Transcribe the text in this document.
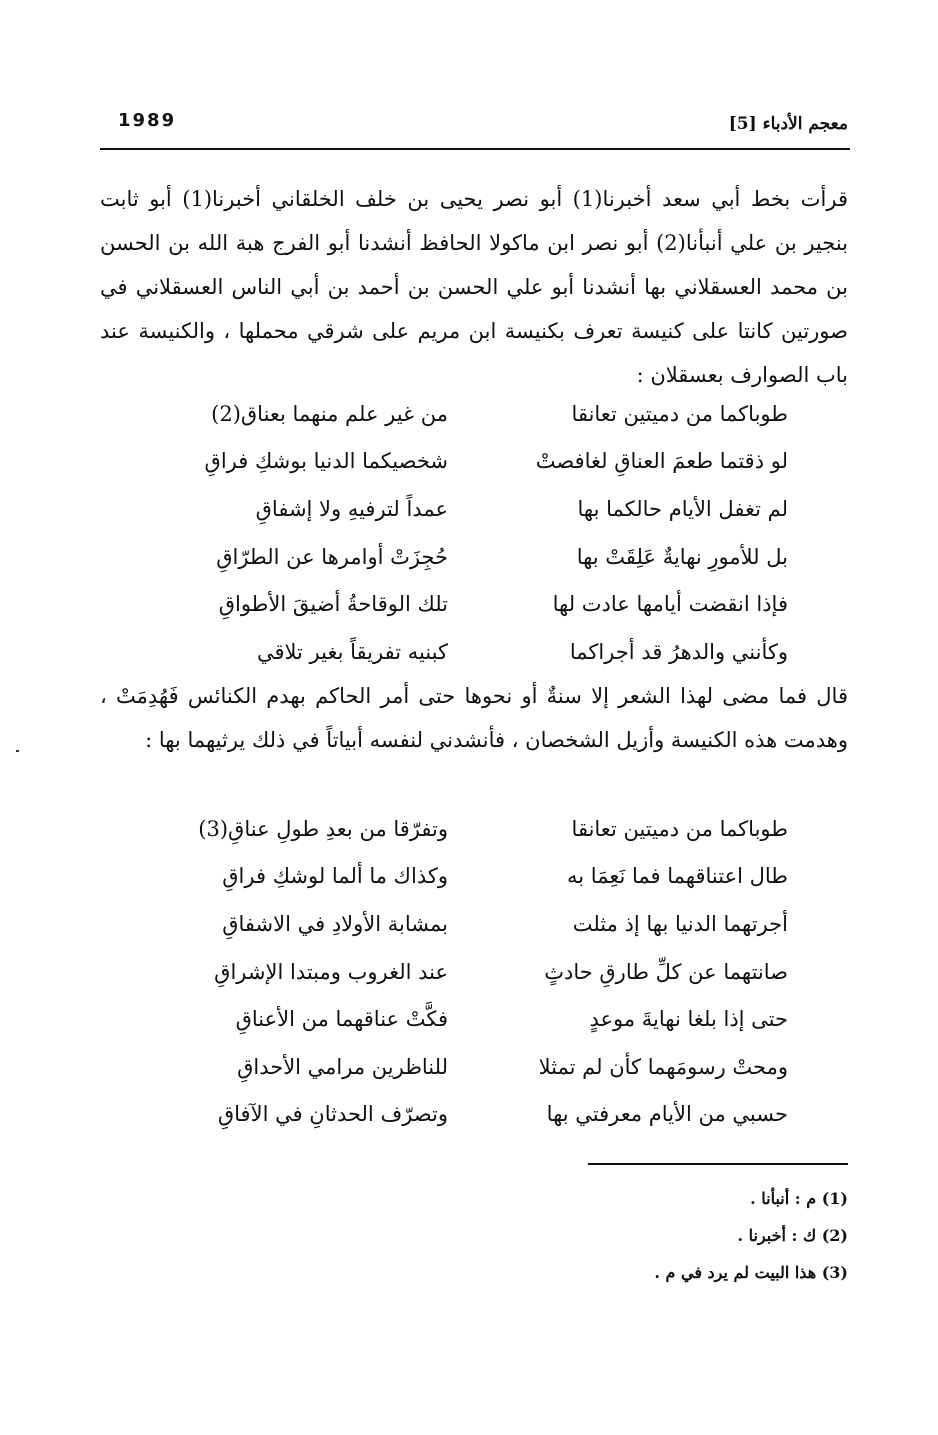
1989	معجم الأدباء [5]
قرأت بخط أبي سعد أخبرنا(1) أبو نصر يحيى بن خلف الخلقاني أخبرنا(1) أبو ثابت بنجير بن علي أنبأنا(2) أبو نصر ابن ماكولا الحافظ أنشدنا أبو الفرج هبة الله بن الحسن بن محمد العسقلاني بها أنشدنا أبو علي الحسن بن أحمد بن أبي الناس العسقلاني في صورتين كانتا على كنيسة تعرف بكنيسة ابن مريم على شرقي محملها ، والكنيسة عند باب الصوارف بعسقلان :
طوباكما من دميتين تعانقا
من غير علم منهما بعناق(2)
لو ذقتما طعمَ العناقِ لغافصتْ
شخصيكما الدنيا بوشكِ فراقِ
لم تغفل الأيام حالكما بها
عمداً لترفيهِ ولا إشفاقِ
بل للأمورِ نهايةٌ عَلِقَتْ بها
حُجِزَتْ أوامرها عن الطرّاقِ
فإذا انقضت أيامها عادت لها
تلك الوقاحةُ أضيقَ الأطواقِ
وكأنني والدهرُ قد أجراكما
كبنيه تفريقاً بغير تلاقي
قال فما مضى لهذا الشعر إلا سنةٌ أو نحوها حتى أمر الحاكم بهدم الكنائس فَهُدِمَتْ ، وهدمت هذه الكنيسة وأزيل الشخصان ، فأنشدني لنفسه أبياتاً في ذلك يرثيهما بها :
طوباكما من دميتين تعانقا
وتفرّقا من بعدِ طولِ عناقِ(3)
طال اعتناقهما فما نَعِمَا به
وكذاك ما ألما لوشكِ فراقِ
أجرتهما الدنيا بها إذ مثلت
بمشابة الأولادِ في الاشفاقِ
صانتهما عن كلِّ طارقِ حادثٍ
عند الغروب ومبتدا الإشراقِ
حتى إذا بلغا نهايةَ موعدٍ
فكَّتْ عناقهما من الأعناقِ
ومحتْ رسومَهما كأن لم تمثلا
للناظرين مرامي الأحداقِ
حسبي من الأيام معرفتي بها
وتصرّف الحدثانِ في الآفاقِ
(1) م : أنبأنا .
(2) ك : أخبرنا .
(3) هذا البيت لم يرد في م .
